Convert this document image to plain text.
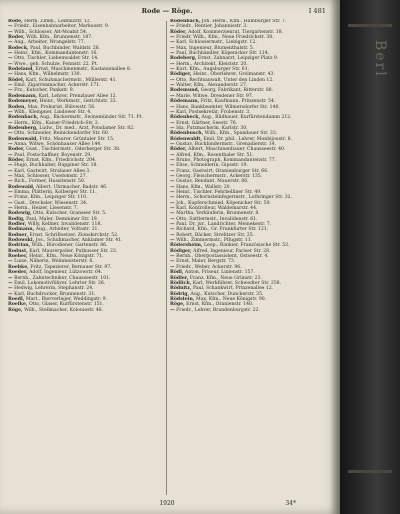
Rode — Röge.	I 481

Rode, Herm. Zimm., Leibnizstr. 12.

— Friedr., Eisenbahnarbeiter, Markusstr. 9.

— Wilh., Schlosser, Alt-Moabit 54.

Roder, Wilh. Kfm., Brunnenstr. 187.

— Aug., Arbeiter, Wrangelstr. 77.

Rodeck, Paul, Buchbinder, Waldstr. 26.

— Heinr., Kfm., Kommandantenstr. 16.

— Otto, Tischler, Liebenwalder Str. 14.

— Wwe., geb. Schulze, Fennstr. 22. Pt.

Rodeland, Ernst, Maschinenmstr., Kastanienallee 8.

— Hans, Kfm., Wilhelmstr. 130.

Rödel, Karl, Schuhmachermstr., Müllerstr. 41.

— Emil, Zigarrenmacher, Ackerstr. 171.

— Frz., Kutscher, Pankstr. 9.

Rodemann, Karl, Lehrer, Prenzlauer Allee 12.

Rodemeyer, Heinr., Werkmstr., Gerichtstr. 33.

Roden, Max, Prokurist, Bülowstr. 56.

— Wilh., Klempner, Lindower Str. 4.

Rodenbach, Aug., Bäckermstr., Swinemünder Str. 71. Pt.

— Herm., Kfm., Kaiser-Friedrich-Str. 2.

Rodenberg, Ludw., Dr. med., Arzt, Potsdamer Str. 82.

— Otto, Schneider, Reinickendorfer Str. 60.

Rodenwald, Fritz, Maurer, Grüntaler Str. 15.

— Anna, Witwe, Schönhauser Allee 144.

Roder, Gust., Tischlermstr., Oderberger Str. 38.

— Paul, Postschaffner, Boyenstr. 29.

Röder, Ernst, Kfm., Friedrichstr. 204.

— Hugo, Buchhalter, Ruppiner Str. 18.

— Karl, Gastwirt, Stralauer Allee 3.

— Max, Schlosser, Usedomstr. 27.

— Rich., Former, Hussitenstr. 50.

Rodewald, Albert, Uhrmacher, Badstr. 46.

— Emma, Plätterin, Kolberger Str. 11.

— Franz, Kfm., Leipziger Str. 110.

— Gust., Drechsler, Wiesenstr. 34.

— Herm., Heizer, Liesenstr. 7.

Rodewig, Otto, Kutscher, Granseer Str. 5.

Rodig, Paul, Maler, Demminer Str. 19.

Rodler, Willy, Kellner, Invalidenstr. 118.

Rodmann, Aug., Arbeiter, Voltastr. 31.

Rodner, Ernst, Schriftsetzer, Zionskirchstr. 52.

Rodowski, Jos., Schuhmacher, Anklamer Str. 41.

Rodrian, Wilh., Bürodiener, Gartenstr. 86.

Rodust, Karl, Maurerpolier, Putbusser Str. 23.

Roeber, Heinr., Kfm., Neue Königstr. 71.

— Luise, Näherin, Weinmeisterstr. 6.

Roebke, Fritz, Tapezierer, Bernauer Str. 97.

Roeder, Adolf, Ingenieur, Lützowstr. 64.

— Bernh., Zahntechniker, Chausseestr. 101.

— Emil, Lokomotivführer, Lehrter Str. 36.

— Hedwig, Lehrerin, Stephanstr. 24.

— Karl, Buchdrucker, Brunnenstr. 31.

Roedl, Mart., Bierverleger, Weddingstr. 9.

Roefke, Otto, Glaser, Kurfürstenstr. 151.

Röge, Wilh., Stellmacher, Koloniestr. 48.

Rodenbach, Joh. Herm., Kfm., Hamburger Str. 7.

— Friedr., Rentier, Johannisstr. 3.

Röder, Adolf, Kommerzienrat, Tiergartenstr. 18.

— Friedr. Wilh., Kfm., Neue Friedrichstr. 38.

— Karl, Schlossermstr., Liebigstr. 12.

— Max, Ingenieur, Blumenthalstr. 5.

— Paul, Buchhändler, Köpenicker Str. 114.

Rodeberg, Ernst, Zahnarzt, Leipziger Platz 9.

— Herm., Architekt, Kleiststr. 20.

— Kurt, Kfm., Augsburger Str. 61.

Rödiger, Heinr., Oberlehrer, Grolmanstr. 43.

— Otto, Rechtsanwalt, Unter den Linden 12.

— Walter, Kfm., Alexanderstr. 27.

Rodemund, Georg, Fabrikant, Ritterstr. 88.

— Marie, Witwe, Dresdener Str. 97.

Rödemann, Fritz, Kaufmann, Prinzenstr. 54.

— Hans, Bankbeamter, Wilmersdorfer Str. 140.

— Karl, Postsekretär, Frobenstr. 3.

Rödenbeck, Aug., Bildhauer, Kurfürstendamm 212.

— Ernst, Gärtner, Seestr. 76.

— Ida, Putzmacherin, Karlstr. 30.

Rödenbusch, Wilh., Kfm., Spandauer Str. 33.

Rödenwaldt, Emil, Dr. phil., Lehrer, Monbijoustr. 8.

— Gustav, Buchbindermstr., Grenadierstr. 14.

Röder, Albert, Maschinenbauer, Chausseestr. 40.

— Alfred, Kfm., Rosenthaler Str. 51.

— Bruno, Photograph, Kommandantenstr. 77.

— Elise, Schneiderin, Gipsstr. 19.

— Franz, Gastwirt, Oranienburger Str. 66.

— Georg, Fleischermstr., Ackerstr. 135.

— Gustav, Rendant, Mauerstr. 86.

— Hans, Kfm., Wallstr. 20.

— Heinr., Tischler, Fehrbelliner Str. 49.

— Herm., Schornsteinfegermstr., Lothringer Str. 32.

— Joh., Kupferschmied, Köpenicker Str. 59.

— Karl, Kontrolleur, Waldemarstr. 44.

— Martha, Verkäuferin, Brunnenstr. 8.

— Otto, Sattlermstr., Invalidenstr. 61.

— Paul, Dr. jur., Landrichter, Meinekestr. 7.

— Richard, Kfm., Gr. Frankfurter Str. 121.

— Robert, Bäcker, Strelitzer Str. 25.

— Wilh., Zimmermstr., Pflugstr. 11.

Rödersheim, Leop., Bankier, Französische Str. 53.

Rödiger, Alfred, Ingenieur, Pariser Str. 28.

— Bernh., Oberpostassistent, Ostseestr. 4.

— Ernst, Maler, Bergstr. 73.

— Friedr., Weber, Ackerstr. 96.

Rödl, Anton, Friseur, Linienstr. 157.

Rödler, Franz, Kfm., Neue Grünstr. 23.

Rödlich, Karl, Werkführer, Schwedter Str. 258.

Rödnitz, Paul, Schankwirt, Prinzenallee 12.

Rödrig, Aug., Kutscher, Dunckerstr. 35.

Rödstein, Max, Kfm., Neue Königstr. 90.

Röge, Ernst, Kfm., Oranienstr. 140.

— Friedr., Lehrer, Brandenburgstr. 22.

1920	34*
Berl
